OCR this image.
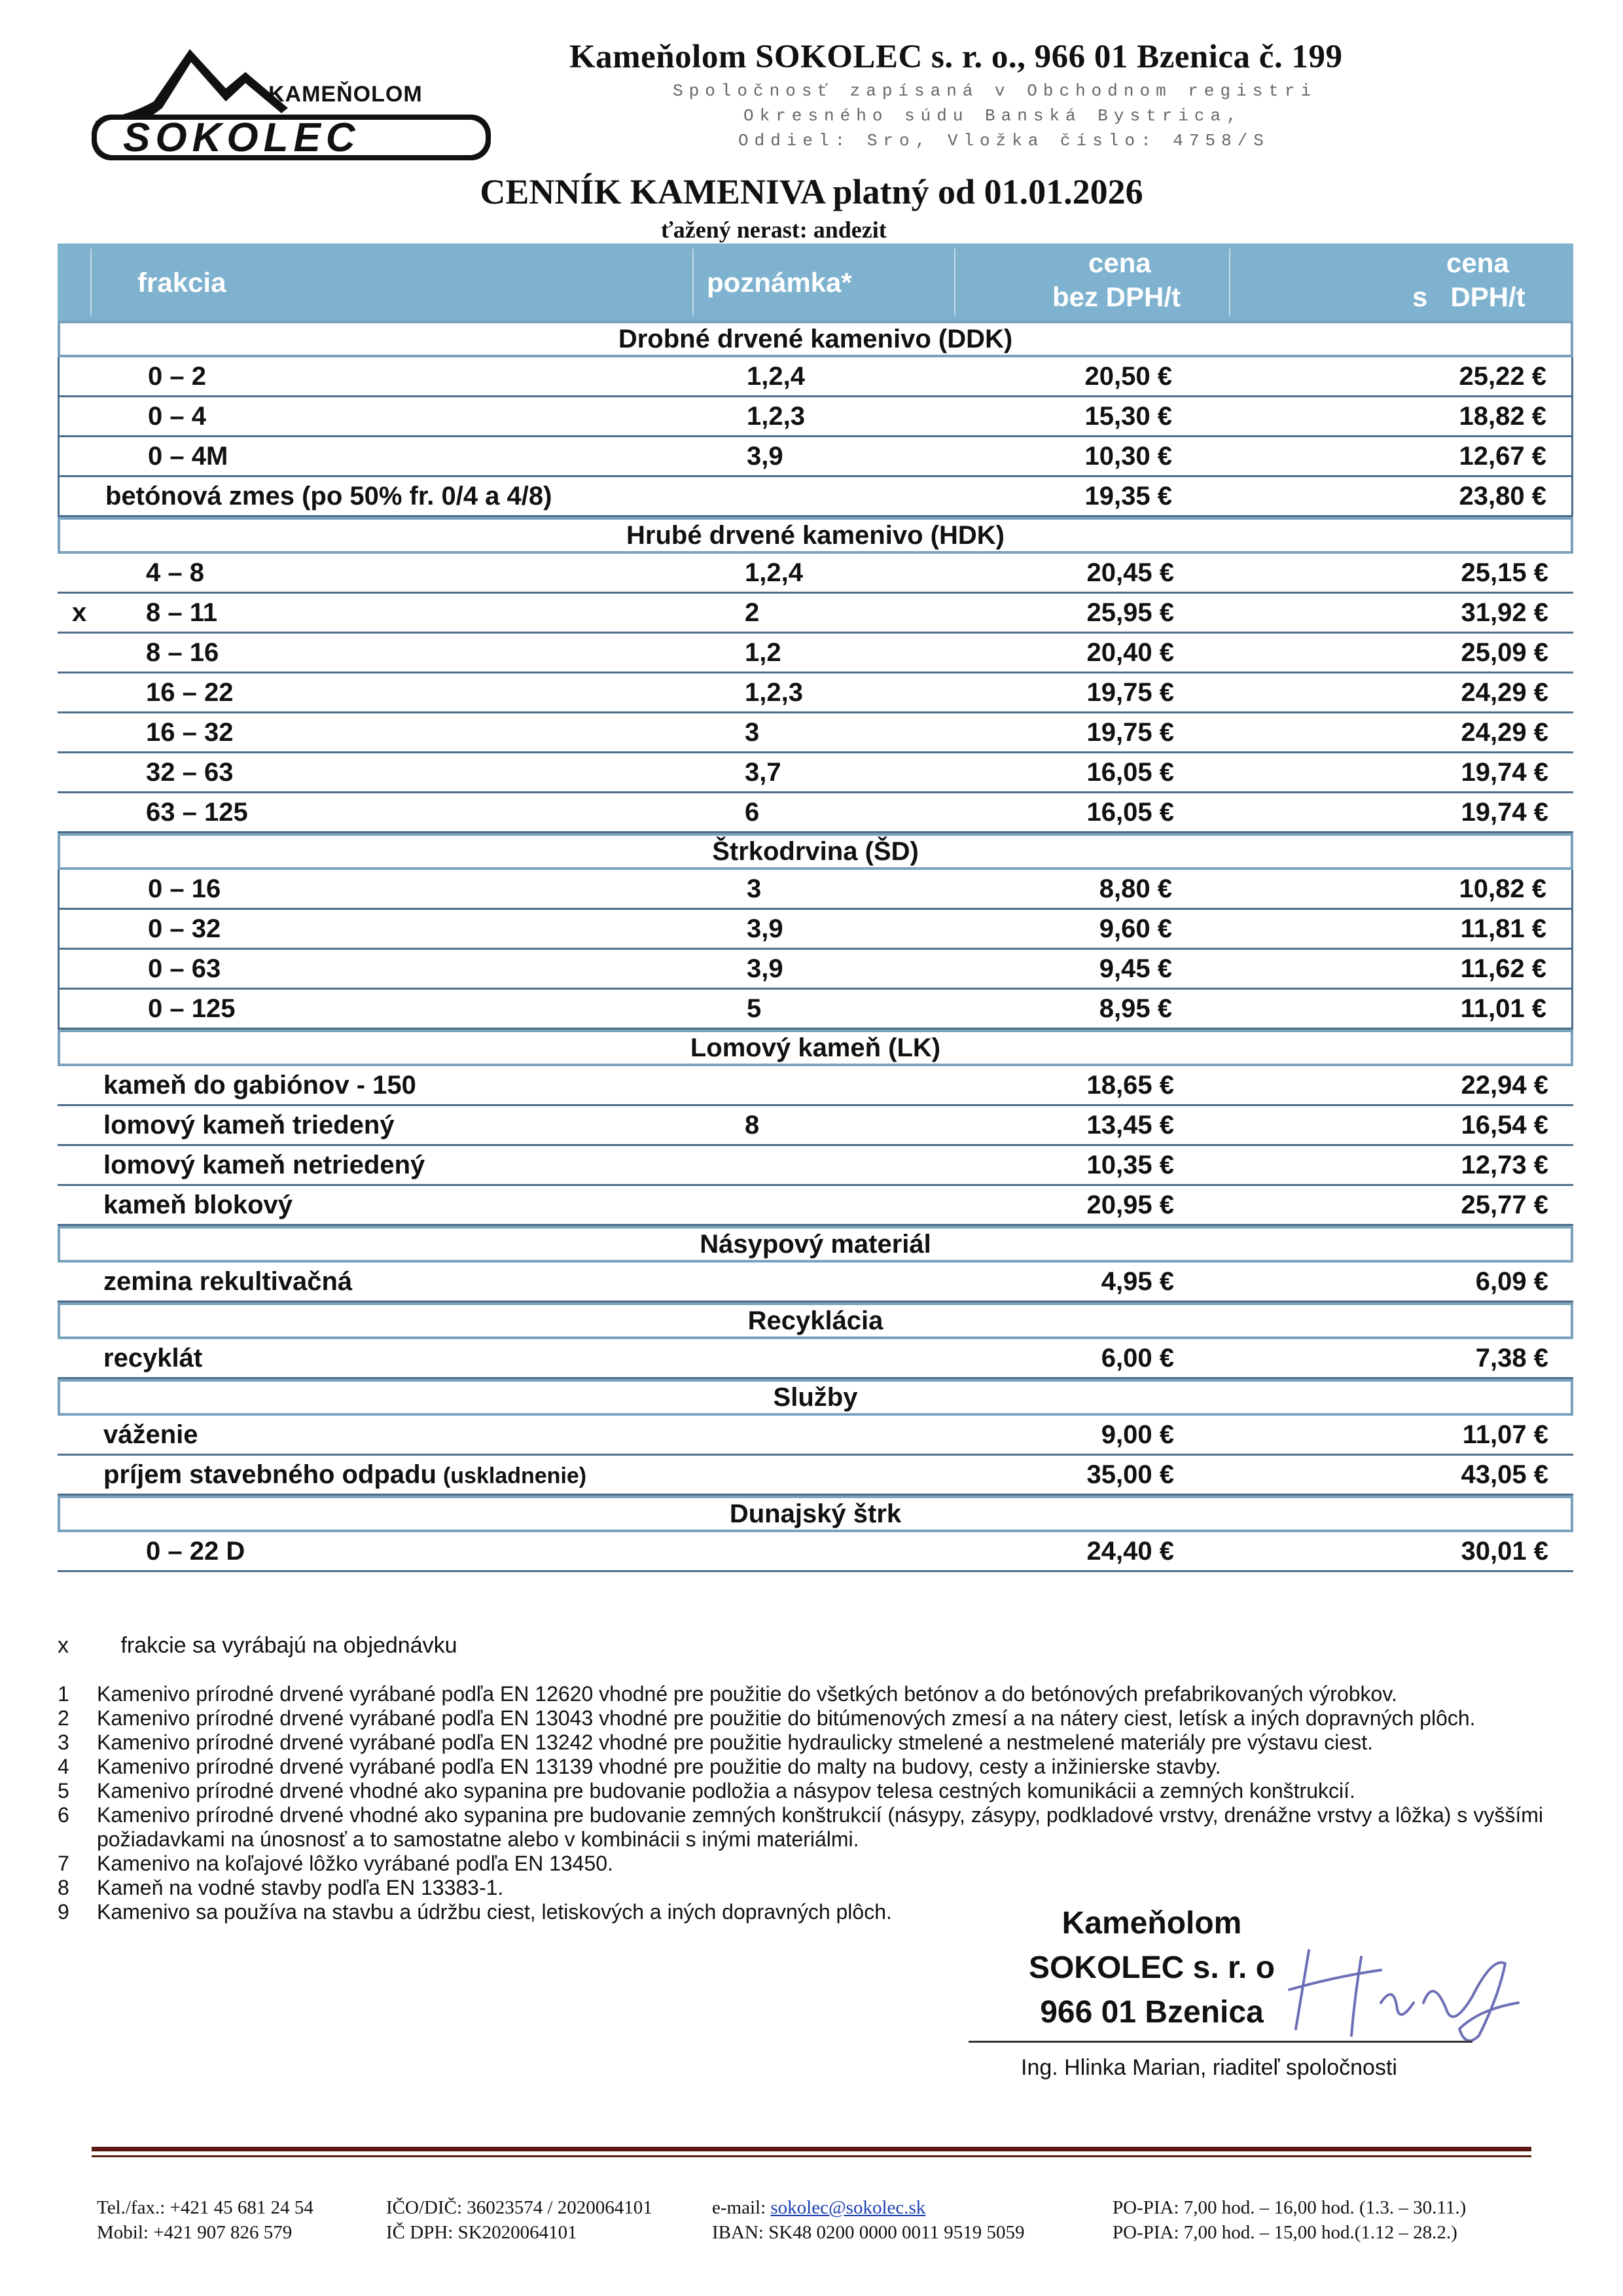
KAMEŇOLOM
SOKOLEC
Kameňolom SOKOLEC s. r. o., 966 01 Bzenica č. 199
Spoločnosť zapísaná v Obchodnom registri
Okresného súdu Banská Bystrica,
Oddiel: Sro, Vložka číslo: 4758/S
CENNÍK KAMENIVA platný od 01.01.2026
ťažený nerast: andezit
frakcia	poznámka*
cena
bez DPH/t
cena
s   DPH/t
Drobné drvené kamenivo (DDK)
0 – 2	1,2,4	20,50 €	25,22 €
0 – 4	1,2,3	15,30 €	18,82 €
0 – 4M	3,9	10,30 €	12,67 €
betónová zmes (po 50% fr. 0/4 a 4/8)	19,35 €	23,80 €
Hrubé drvené kamenivo (HDK)
4 – 8	1,2,4	20,45 €	25,15 €
x 8 – 11	2	25,95 €	31,92 €
8 – 16	1,2	20,40 €	25,09 €
16 – 22	1,2,3	19,75 €	24,29 €
16 – 32	3	19,75 €	24,29 €
32 – 63	3,7	16,05 €	19,74 €
63 – 125	6	16,05 €	19,74 €
Štrkodrvina (ŠD)
0 – 16	3	8,80 €	10,82 €
0 – 32	3,9	9,60 €	11,81 €
0 – 63	3,9	9,45 €	11,62 €
0 – 125	5	8,95 €	11,01 €
Lomový kameň (LK)
kameň do gabiónov - 150	18,65 €	22,94 €
lomový kameň triedený	8	13,45 €	16,54 €
lomový kameň netriedený	10,35 €	12,73 €
kameň blokový	20,95 €	25,77 €
Násypový materiál
zemina rekultivačná	4,95 €	6,09 €
Recyklácia
recyklát	6,00 €	7,38 €
Služby
váženie	9,00 €	11,07 €
príjem stavebného odpadu (uskladnenie)	35,00 €	43,05 €
Dunajský štrk
0 – 22 D	24,40 €	30,01 €
x frakcie sa vyrábajú na objednávku
1 Kamenivo prírodné drvené vyrábané podľa EN 12620 vhodné pre použitie do všetkých betónov a do betónových prefabrikovaných výrobkov.
2 Kamenivo prírodné drvené vyrábané podľa EN 13043 vhodné pre použitie do bitúmenových zmesí a na nátery ciest, letísk a iných dopravných plôch.
3 Kamenivo prírodné drvené vyrábané podľa EN 13242 vhodné pre použitie hydraulicky stmelené a nestmelené materiály pre výstavu ciest.
4 Kamenivo prírodné drvené vyrábané podľa EN 13139 vhodné pre použitie do malty na budovy, cesty a inžinierske stavby.
5 Kamenivo prírodné drvené vhodné ako sypanina pre budovanie podložia a násypov telesa cestných komunikácii a zemných konštrukcií.
6 Kamenivo prírodné drvené vhodné ako sypanina pre budovanie zemných konštrukcií (násypy, zásypy, podkladové vrstvy, drenážne vrstvy a lôžka) s vyššími požiadavkami na únosnosť a to samostatne alebo v kombinácii s inými materiálmi.
7 Kamenivo na koľajové lôžko vyrábané podľa EN 13450.
8 Kameň na vodné stavby podľa EN 13383-1.
9 Kamenivo sa používa na stavbu a údržbu ciest, letiskových a iných dopravných plôch.	Kameňolom
SOKOLEC s. r. o
966 01 Bzenica
Ing. Hlinka Marian, riaditeľ spoločnosti
Tel./fax.: +421 45 681 24 54
Mobil: +421 907 826 579
IČO/DIČ: 36023574 / 2020064101
IČ DPH: SK2020064101
e-mail: sokolec@sokolec.sk
IBAN: SK48 0200 0000 0011 9519 5059
PO-PIA: 7,00 hod. – 16,00 hod. (1.3. – 30.11.)
PO-PIA: 7,00 hod. – 15,00 hod.(1.12 – 28.2.)
